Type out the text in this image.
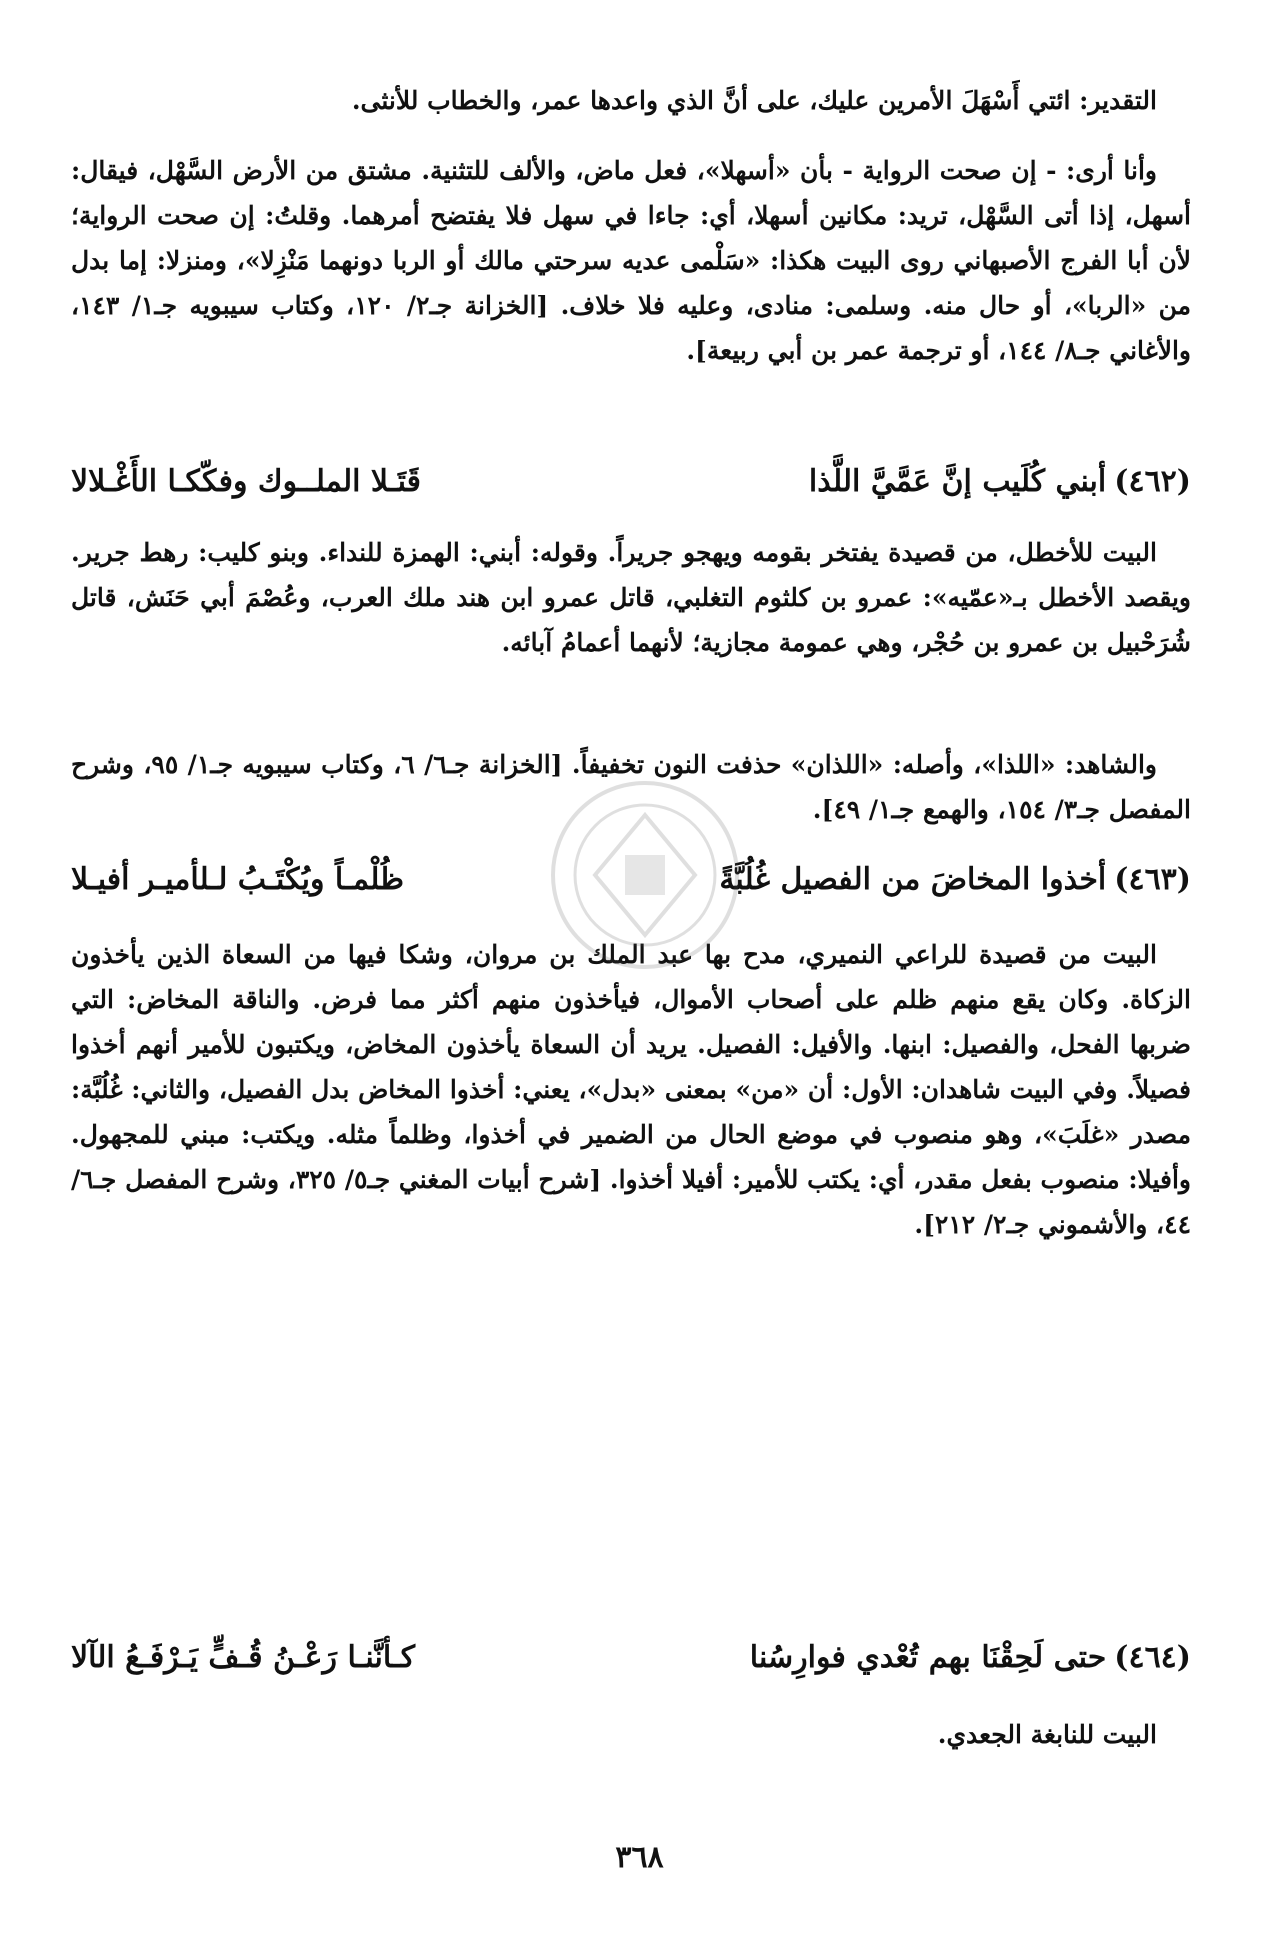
التقدير: ائتي أَسْهَلَ الأمرين عليك، على أنَّ الذي واعدها عمر، والخطاب للأنثى.

وأنا أرى: - إن صحت الرواية - بأن «أسهلا»، فعل ماض، والألف للتثنية. مشتق من الأرض السَّهْل، فيقال: أسهل، إذا أتى السَّهْل، تريد: مكانين أسهلا، أي: جاءا في سهل فلا يفتضح أمرهما. وقلتُ: إن صحت الرواية؛ لأن أبا الفرج الأصبهاني روى البيت هكذا: «سَلْمى عديه سرحتي مالك أو الربا دونهما مَنْزِلا»، ومنزلا: إما بدل من «الربا»، أو حال منه. وسلمى: منادى، وعليه فلا خلاف. [الخزانة جـ٢/ ١٢٠، وكتاب سيبويه جـ١/ ١٤٣، والأغاني جـ٨/ ١٤٤، أو ترجمة عمر بن أبي ربيعة].

(٤٦٢)
أبني كُلَيب إنَّ عَمَّيَّ اللَّذا
قَتَـلا الملــوك وفكّكـا الأَغْـلالا

البيت للأخطل، من قصيدة يفتخر بقومه ويهجو جريراً. وقوله: أبني: الهمزة للنداء. وبنو كليب: رهط جرير. ويقصد الأخطل بـ«عمّيه»: عمرو بن كلثوم التغلبي، قاتل عمرو ابن هند ملك العرب، وعُصْمَ أبي حَنَش، قاتل شُرَحْبيل بن عمرو بن حُجْر، وهي عمومة مجازية؛ لأنهما أعمامُ آبائه.

والشاهد: «اللذا»، وأصله: «اللذان» حذفت النون تخفيفاً. [الخزانة جـ٦/ ٦، وكتاب سيبويه جـ١/ ٩٥، وشرح المفصل جـ٣/ ١٥٤، والهمع جـ١/ ٤٩].

(٤٦٣)
أخذوا المخاضَ من الفصيل غُلُبَّةً
ظُلْمـاً ويُكْتَـبُ لـلأميـر أفيـلا

البيت من قصيدة للراعي النميري، مدح بها عبد الملك بن مروان، وشكا فيها من السعاة الذين يأخذون الزكاة. وكان يقع منهم ظلم على أصحاب الأموال، فيأخذون منهم أكثر مما فرض. والناقة المخاض: التي ضربها الفحل، والفصيل: ابنها. والأفيل: الفصيل. يريد أن السعاة يأخذون المخاض، ويكتبون للأمير أنهم أخذوا فصيلاً. وفي البيت شاهدان: الأول: أن «من» بمعنى «بدل»، يعني: أخذوا المخاض بدل الفصيل، والثاني: غُلُبَّة: مصدر «غلَبَ»، وهو منصوب في موضع الحال من الضمير في أخذوا، وظلماً مثله. ويكتب: مبني للمجهول. وأفيلا: منصوب بفعل مقدر، أي: يكتب للأمير: أفيلا أخذوا. [شرح أبيات المغني جـ٥/ ٣٢٥، وشرح المفصل جـ٦/ ٤٤، والأشموني جـ٢/ ٢١٢].

(٤٦٤)
حتى لَحِقْنَا بهم تُعْدي فوارِسُنا
كـأنَّنـا رَعْـنُ قُـفٍّ يَـرْفَـعُ الآلا

البيت للنابغة الجعدي.

٣٦٨
